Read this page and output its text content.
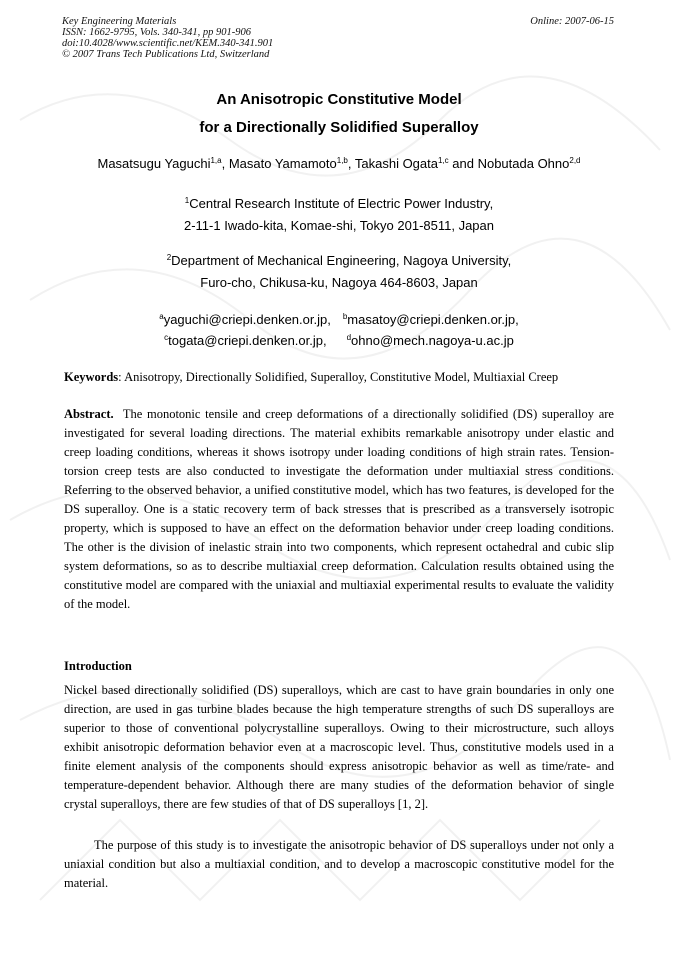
Key Engineering Materials
ISSN: 1662-9795, Vols. 340-341, pp 901-906
doi:10.4028/www.scientific.net/KEM.340-341.901
© 2007 Trans Tech Publications Ltd, Switzerland
Online: 2007-06-15
An Anisotropic Constitutive Model
for a Directionally Solidified Superalloy
Masatsugu Yaguchi$^{1,a}$, Masato Yamamoto$^{1,b}$, Takashi Ogata$^{1,c}$ and Nobutada Ohno$^{2,d}$
$^1$Central Research Institute of Electric Power Industry,
2-11-1 Iwado-kita, Komae-shi, Tokyo 201-8511, Japan
$^2$Department of Mechanical Engineering, Nagoya University,
Furo-cho, Chikusa-ku, Nagoya 464-8603, Japan
$^a$yaguchi@criepi.denken.or.jp, $^b$masatoy@criepi.denken.or.jp,
$^c$togata@criepi.denken.or.jp,	$^d$ohno@mech.nagoya-u.ac.jp
Keywords: Anisotropy, Directionally Solidified, Superalloy, Constitutive Model, Multiaxial Creep
Abstract.  The monotonic tensile and creep deformations of a directionally solidified (DS) superalloy are investigated for several loading directions. The material exhibits remarkable anisotropy under elastic and creep loading conditions, whereas it shows isotropy under loading conditions of high strain rates. Tension-torsion creep tests are also conducted to investigate the deformation under multiaxial stress conditions. Referring to the observed behavior, a unified constitutive model, which has two features, is developed for the DS superalloy. One is a static recovery term of back stresses that is prescribed as a transversely isotropic property, which is supposed to have an effect on the deformation behavior under creep loading conditions. The other is the division of inelastic strain into two components, which represent octahedral and cubic slip system deformations, so as to describe multiaxial creep deformation. Calculation results obtained using the constitutive model are compared with the uniaxial and multiaxial experimental results to evaluate the validity of the model.
Introduction
Nickel based directionally solidified (DS) superalloys, which are cast to have grain boundaries in only one direction, are used in gas turbine blades because the high temperature strengths of such DS superalloys are superior to those of conventional polycrystalline superalloys. Owing to their microstructure, such alloys exhibit anisotropic deformation behavior even at a macroscopic level. Thus, constitutive models used in a finite element analysis of the components should express anisotropic behavior as well as time/rate- and temperature-dependent behavior. Although there are many studies of the deformation behavior of single crystal superalloys, there are few studies of that of DS superalloys [1, 2].
The purpose of this study is to investigate the anisotropic behavior of DS superalloys under not only a uniaxial condition but also a multiaxial condition, and to develop a macroscopic constitutive model for the material.
